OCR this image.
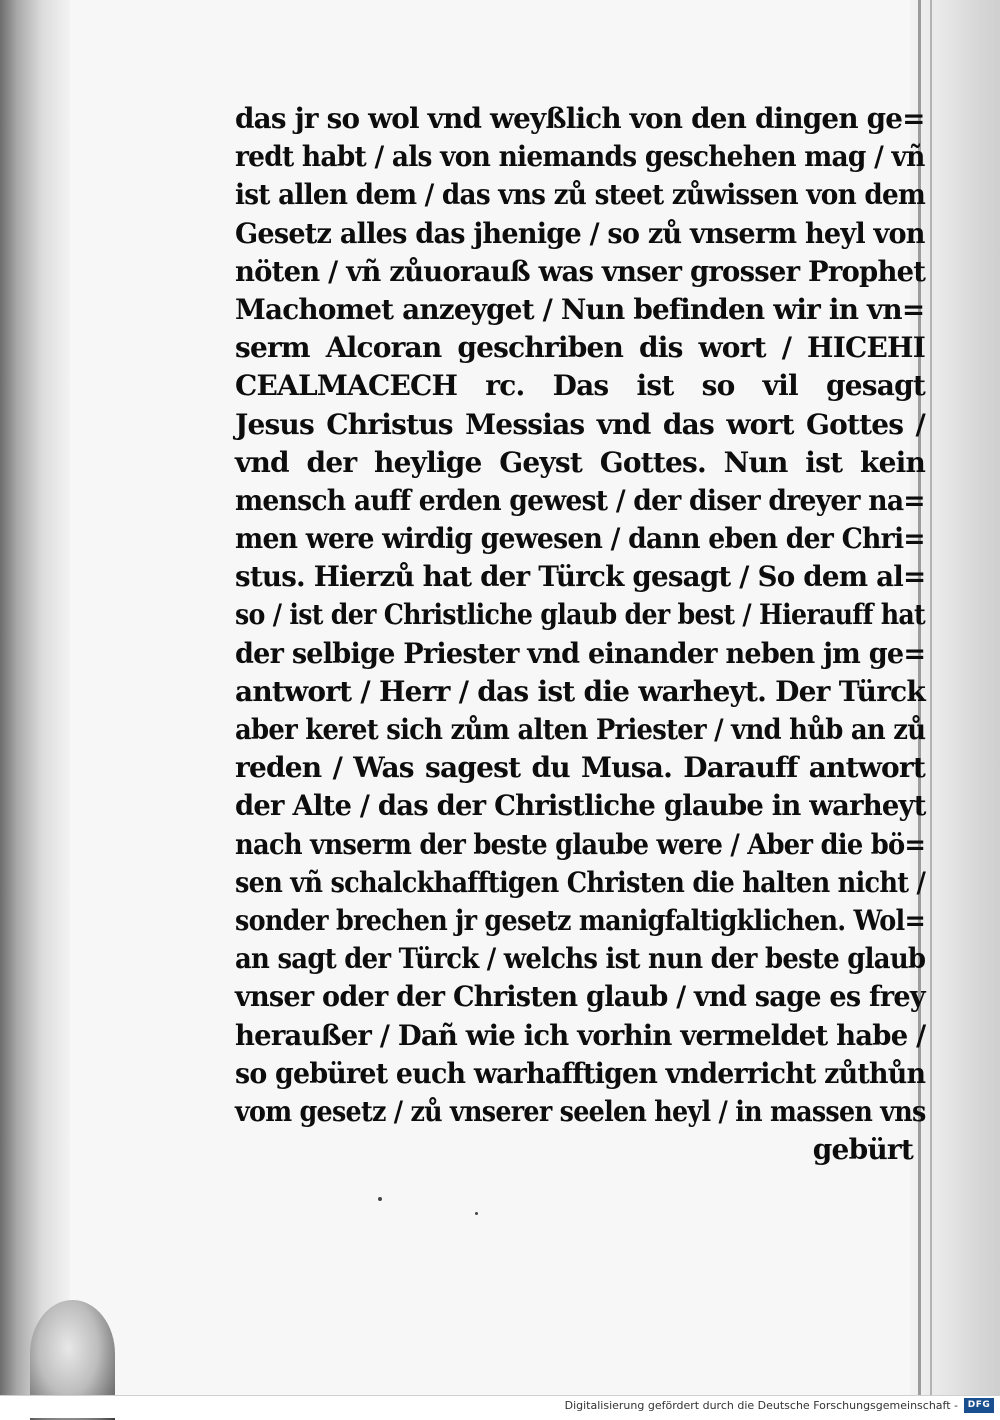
das jr so wol vnd weyßlich von den dingen ge=
redt habt / als von niemands geschehen mag / vñ
ist allen dem / das vns zů steet zůwissen von dem
Gesetz alles das jhenige / so zů vnserm heyl von
nöten / vñ zůuorauß was vnser grosser Prophet
Machomet anzeyget / Nun befinden wir in vn=
serm Alcoran geschriben dis wort / HICEHI
CEALMACECH rc. Das ist so vil gesagt
Jesus Christus Messias vnd das wort Gottes /
vnd der heylige Geyst Gottes. Nun ist kein
mensch auff erden gewest / der diser dreyer na=
men were wirdig gewesen / dann eben der Chri=
stus. Hierzů hat der Türck gesagt / So dem al=
so / ist der Christliche glaub der best / Hierauff hat
der selbige Priester vnd einander neben jm ge=
antwort / Herr / das ist die warheyt. Der Türck
aber keret sich zům alten Priester / vnd hůb an zů
reden / Was sagest du Musa. Darauff antwort
der Alte / das der Christliche glaube in warheyt
nach vnserm der beste glaube were / Aber die bö=
sen vñ schalckhafftigen Christen die halten nicht /
sonder brechen jr gesetz manigfaltigklichen. Wol=
an sagt der Türck / welchs ist nun der beste glaub
vnser oder der Christen glaub / vnd sage es frey
heraußer / Dañ wie ich vorhin vermeldet habe /
so gebüret euch warhafftigen vnderricht zůthůn
vom gesetz / zů vnserer seelen heyl / in massen vns
gebürt
Digitalisierung gefördert durch die Deutsche Forschungsgemeinschaft -	DFG
